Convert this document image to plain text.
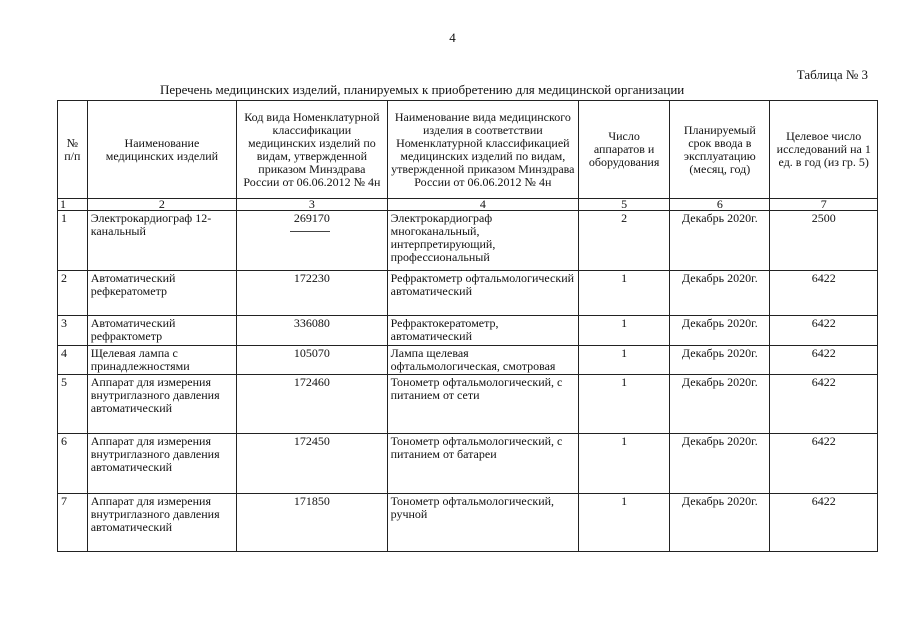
4
Таблица № 3
Перечень медицинских изделий, планируемых к приобретению для медицинской организации
№ п/п	Наименование медицинских изделий	Код вида Номенклатурной классификации медицинских изделий по видам, утвержденной приказом Минздрава России от 06.06.2012 № 4н	Наименование вида медицинского изделия в соответствии Номенклатурной классификацией медицинских изделий по видам, утвержденной приказом Минздрава России от 06.06.2012 № 4н	Число аппаратов и оборудования	Планируемый срок ввода в эксплуатацию (месяц, год)	Целевое число исследований на 1 ед. в год (из гр. 5)
1	2	3	4	5	6	7
1	Электрокардиограф 12-канальный	269170	Электрокардиограф многоканальный, интерпретирующий, профессиональный	2	Декабрь 2020г.	2500
2	Автоматический рефкератометр	172230	Рефрактометр офтальмологический автоматический	1	Декабрь 2020г.	6422
3	Автоматический рефрактометр	336080	Рефрактокератометр, автоматический	1	Декабрь 2020г.	6422
4	Щелевая лампа с принадлежностями	105070	Лампа щелевая офтальмологическая, смотровая	1	Декабрь 2020г.	6422
5	Аппарат для измерения внутриглазного давления автоматический	172460	Тонометр офтальмологический, с питанием от сети	1	Декабрь 2020г.	6422
6	Аппарат для измерения внутриглазного давления автоматический	172450	Тонометр офтальмологический, с питанием от батареи	1	Декабрь 2020г.	6422
7	Аппарат для измерения внутриглазного давления автоматический	171850	Тонометр офтальмологический, ручной	1	Декабрь 2020г.	6422
